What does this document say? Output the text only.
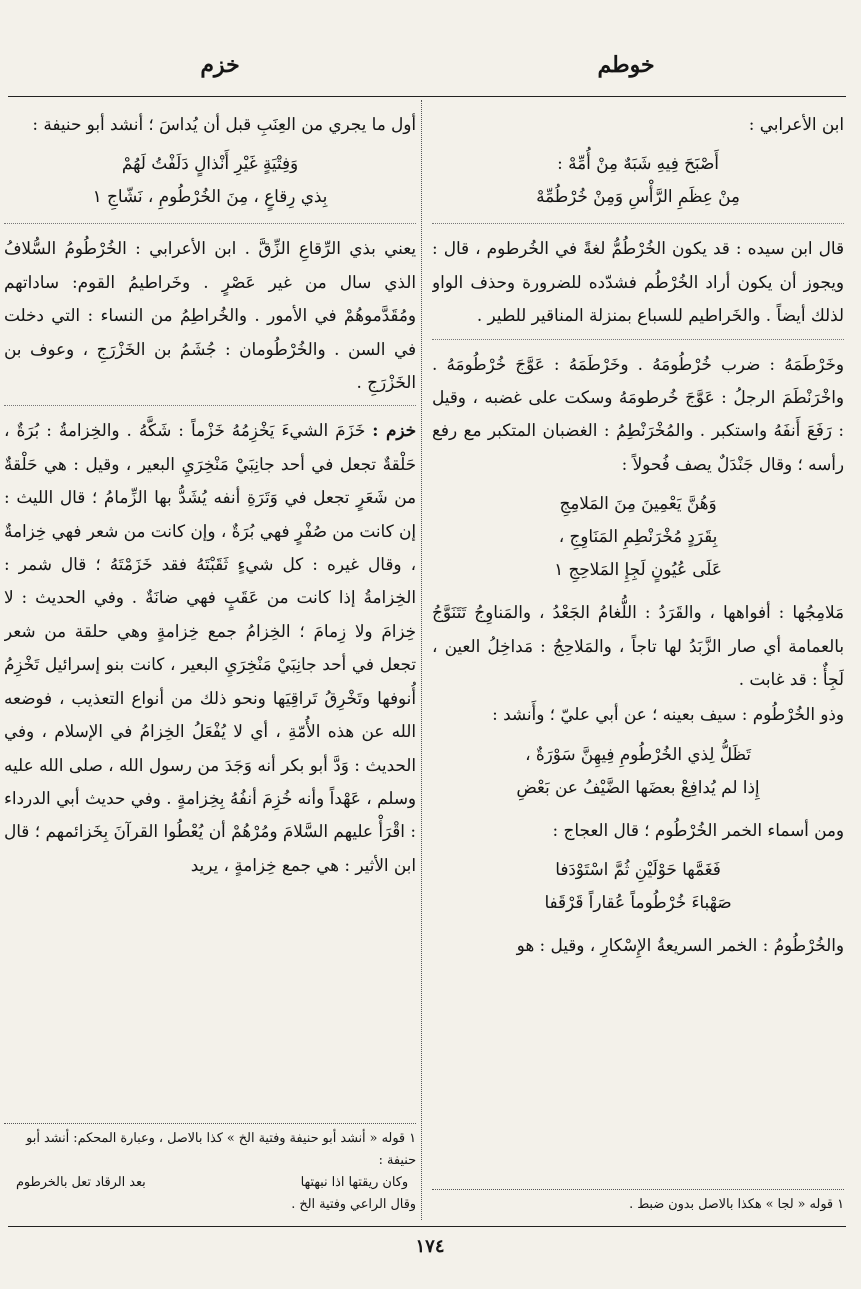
خوطم
خزم
ابن الأعرابي :
أَصْبَحَ فِيهِ شَبَهٌ مِنْ أُمِّهْ :
مِنْ عِظَمِ الرَّأْسِ وَمِنْ خُرْطُمِّهْ
قال ابن سيده : قد يكون الخُرْطُمُّ لغةً في الخُرطوم ، قال : ويجوز أن يكون أراد الخُرْطُم فشدّده للضرورة وحذف الواو لذلك أيضاً . والخَراطيم للسباع بمنزلة المناقير للطير .
وخَرْطَمَهُ : ضرب خُرْطُومَهُ . وخَرْطَمَهُ : عَوَّجَ خُرْطُومَهُ . واخْرَنْطَمَ الرجلُ : عَوَّجَ خُرطومَهُ وسكت على غضبه ، وقيل : رَفَعَ أَنفَهُ واستكبر . والمُخْرَنْطِمُ : الغضبان المتكبر مع رفع رأسه ؛ وقال جَنْدَلٌ يصف فُحولاً :
وَهُنَّ يَعْمِينَ مِنَ المَلامِجِ
بِقَرَدٍ مُخْرَنْطِمِ المَنَاوِجِ ،
عَلَى عُيُونٍ لَجِإِ المَلاحِجِ ١
مَلامِجُها : أفواهها ، والقَرَدُ : اللُّغامُ الجَعْدُ ، والمَناوِجُ تَتَنَوَّجُ بالعمامة أي صار الزَّبَدُ لها تاجاً ، والمَلاحِجُ : مَداخِلُ العين ، لَجِأٌ : قد غابت .
وذو الخُرْطُوم : سيف بعينه ؛ عن أبي عليّ ؛ وأَنشد :
تَظَلُّ لِذي الخُرْطُومِ فِيهِنَّ سَوْرَةٌ ،
إِذا لم يُدافِعْ بعضَها الضَّيْفُ عن بَعْضِ
ومن أسماء الخمر الخُرْطُوم ؛ قال العجاج :
فَغَمَّها حَوْلَيْنِ ثُمَّ اسْتَوْدَفا
صَهْباءَ خُرْطُوماً عُقاراً قَرْقَفا
والخُرْطُومُ : الخمر السريعةُ الإِسْكارِ ، وقيل : هو
١ قوله « لجا » هكذا بالاصل بدون ضبط .
أول ما يجري من العِنَبِ قبل أن يُداسَ ؛ أنشد أبو حنيفة :
وَفِتْيَةٍ غَيْرِ أَنْذالٍ دَلَفْتُ لَهُمْ
بِذي رِقاعٍ ، مِنَ الخُرْطُومِ ، نَشّاجِ ١
يعني بذي الرِّقاعِ الزِّقَّ . ابن الأعرابي : الخُرْطُومُ السُّلافُ الذي سال من غير عَصْرٍ . وخَراطيمُ القوم: ساداتهم ومُقَدَّموهُمْ في الأمور . والخُراطِمُ من النساء : التي دخلت في السن . والخُرْطُومان : جُشَمُ بن الخَزْرَجِ ، وعوف بن الخَزْرَجِ .
خزم : خَزَمَ الشيءَ يَخْزِمُهُ خَزْماً : شَكَّهُ . والخِزامةُ : بُرَةٌ ، حَلْقةٌ تجعل في أحد جانِبَيْ مَنْخِرَيِ البعير ، وقيل : هي حَلْقةٌ من شَعَرٍ تجعل في وَتَرَةِ أنفه يُشَدُّ بها الزِّمامُ ؛ قال الليث : إن كانت من صُفْرٍ فهي بُرَةٌ ، وإن كانت من شعر فهي خِزامةٌ ، وقال غيره : كل شيءٍ ثَقَبْتَهُ فقد خَزَمْتَهُ ؛ قال شمر : الخِزامةُ إذا كانت من عَقَبٍ فهي ضانَةٌ . وفي الحديث : لا خِزامَ ولا زِمامَ ؛ الخِزامُ جمع خِزامةٍ وهي حلقة من شعر تجعل في أحد جانِبَيْ مَنْخِرَيِ البعير ، كانت بنو إسرائيل تَخْزِمُ أُنوفها وتَخْرِقُ تَراقِيَها ونحو ذلك من أنواع التعذيب ، فوضعه الله عن هذه الأُمّةِ ، أي لا يُفْعَلُ الخِزامُ في الإسلام ، وفي الحديث : وَدَّ أبو بكر أنه وَجَدَ من رسول الله ، صلى الله عليه وسلم ، عَهْداً وأنه خُزِمَ أنفُهُ بِخِزامةٍ . وفي حديث أبي الدرداء : اقْرَأْ عليهم السَّلامَ ومُرْهُمْ أن يُعْطُوا القرآنَ بِخَزائمهم ؛ قال ابن الأثير : هي جمع خِزامةٍ ، يريد
١ قوله « أنشد أبو حنيفة وفتية الخ » كذا بالاصل ، وعبارة المحكم: أنشد أبو حنيفة :
وكان ريقتها اذا نبهتها
بعد الرقاد تعل بالخرطوم
وقال الراعي وفتية الخ .
١٧٤
